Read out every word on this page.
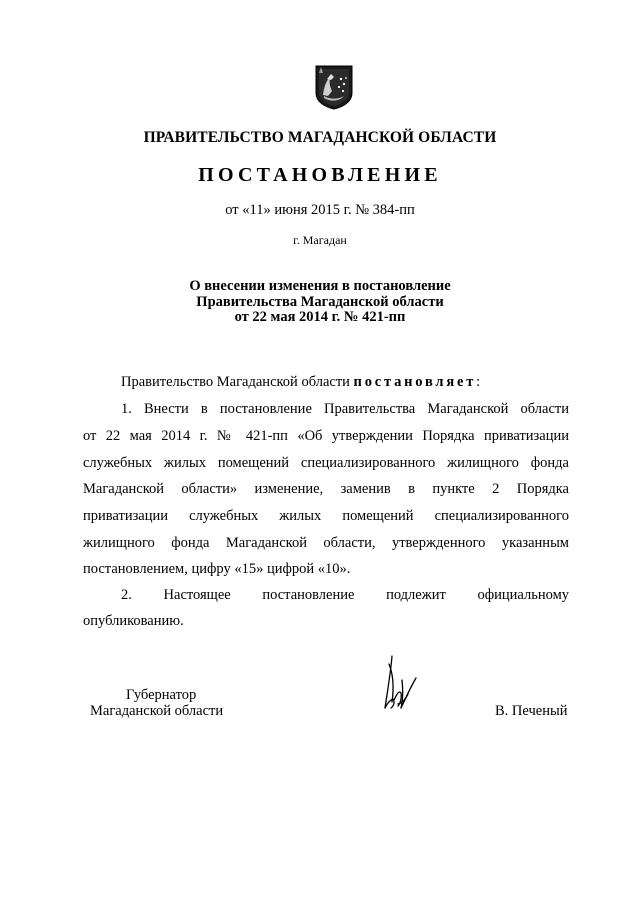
ПРАВИТЕЛЬСТВО МАГАДАНСКОЙ ОБЛАСТИ
ПОСТАНОВЛЕНИЕ
от «11» июня 2015 г. № 384-пп
г. Магадан
О внесении изменения в постановление
Правительства Магаданской области
от 22 мая 2014 г. № 421-пп
Правительство Магаданской области постановляет:
1. Внести в постановление Правительства Магаданской области
от 22 мая 2014 г. № 421-пп «Об утверждении Порядка приватизации
служебных жилых помещений специализированного жилищного фонда
Магаданской области» изменение, заменив в пункте 2 Порядка
приватизации служебных жилых помещений специализированного
жилищного фонда Магаданской области, утвержденного указанным
постановлением, цифру «15» цифрой «10».
2. Настоящее постановление подлежит официальному
опубликованию.
Губернатор
Магаданской области	В. Печеный
